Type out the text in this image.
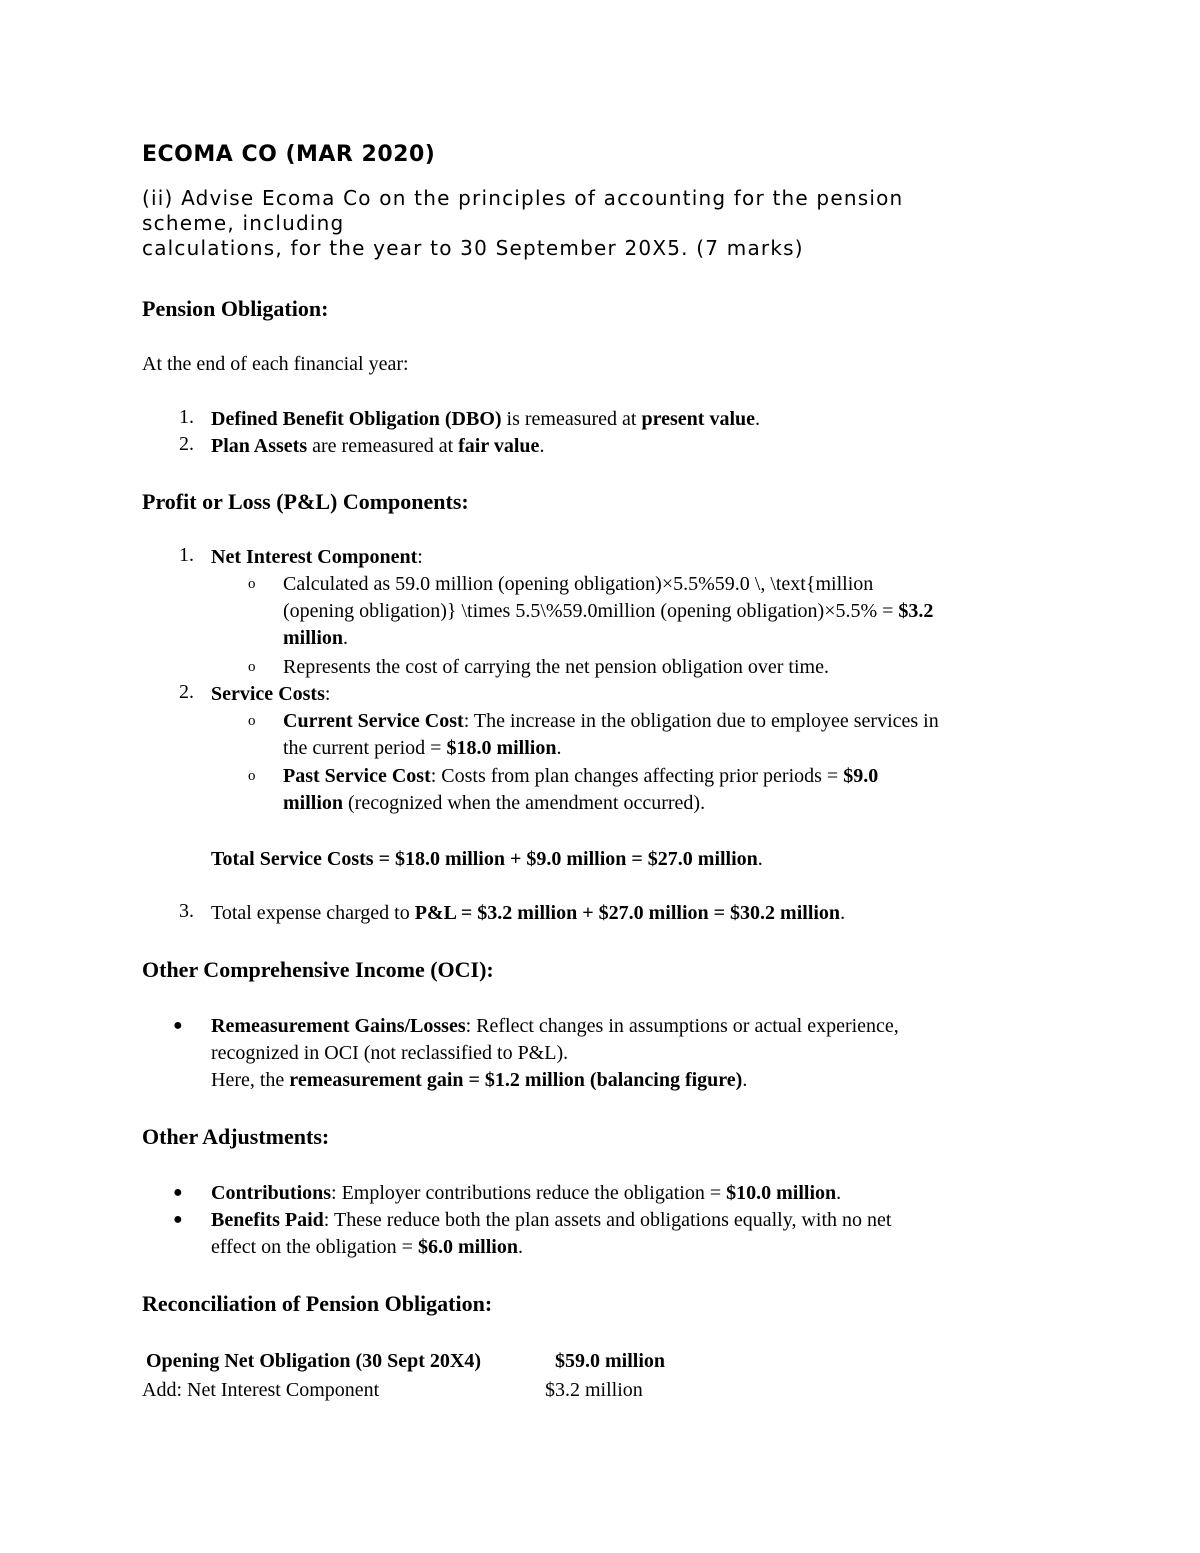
ECOMA CO (MAR 2020)
(ii) Advise Ecoma Co on the principles of accounting for the pension
scheme, including
calculations, for the year to 30 September 20X5. (7 marks)
Pension Obligation:
At the end of each financial year:
1. Defined Benefit Obligation (DBO) is remeasured at present value.
2. Plan Assets are remeasured at fair value.
Profit or Loss (P&L) Components:
1. Net Interest Component:
o Calculated as 59.0 million (opening obligation)×5.5%59.0 \, \text{million
(opening obligation)} \times 5.5\%59.0million (opening obligation)×5.5% = $3.2
million.
o Represents the cost of carrying the net pension obligation over time.
2. Service Costs:
o Current Service Cost: The increase in the obligation due to employee services in
the current period = $18.0 million.
o Past Service Cost: Costs from plan changes affecting prior periods = $9.0
million (recognized when the amendment occurred).
Total Service Costs = $18.0 million + $9.0 million = $27.0 million.
3. Total expense charged to P&L = $3.2 million + $27.0 million = $30.2 million.
Other Comprehensive Income (OCI):
● Remeasurement Gains/Losses: Reflect changes in assumptions or actual experience,
recognized in OCI (not reclassified to P&L).
Here, the remeasurement gain = $1.2 million (balancing figure).
Other Adjustments:
● Contributions: Employer contributions reduce the obligation = $10.0 million.
● Benefits Paid: These reduce both the plan assets and obligations equally, with no net
effect on the obligation = $6.0 million.
Reconciliation of Pension Obligation:
Opening Net Obligation (30 Sept 20X4)	$59.0 million
Add: Net Interest Component	$3.2 million
